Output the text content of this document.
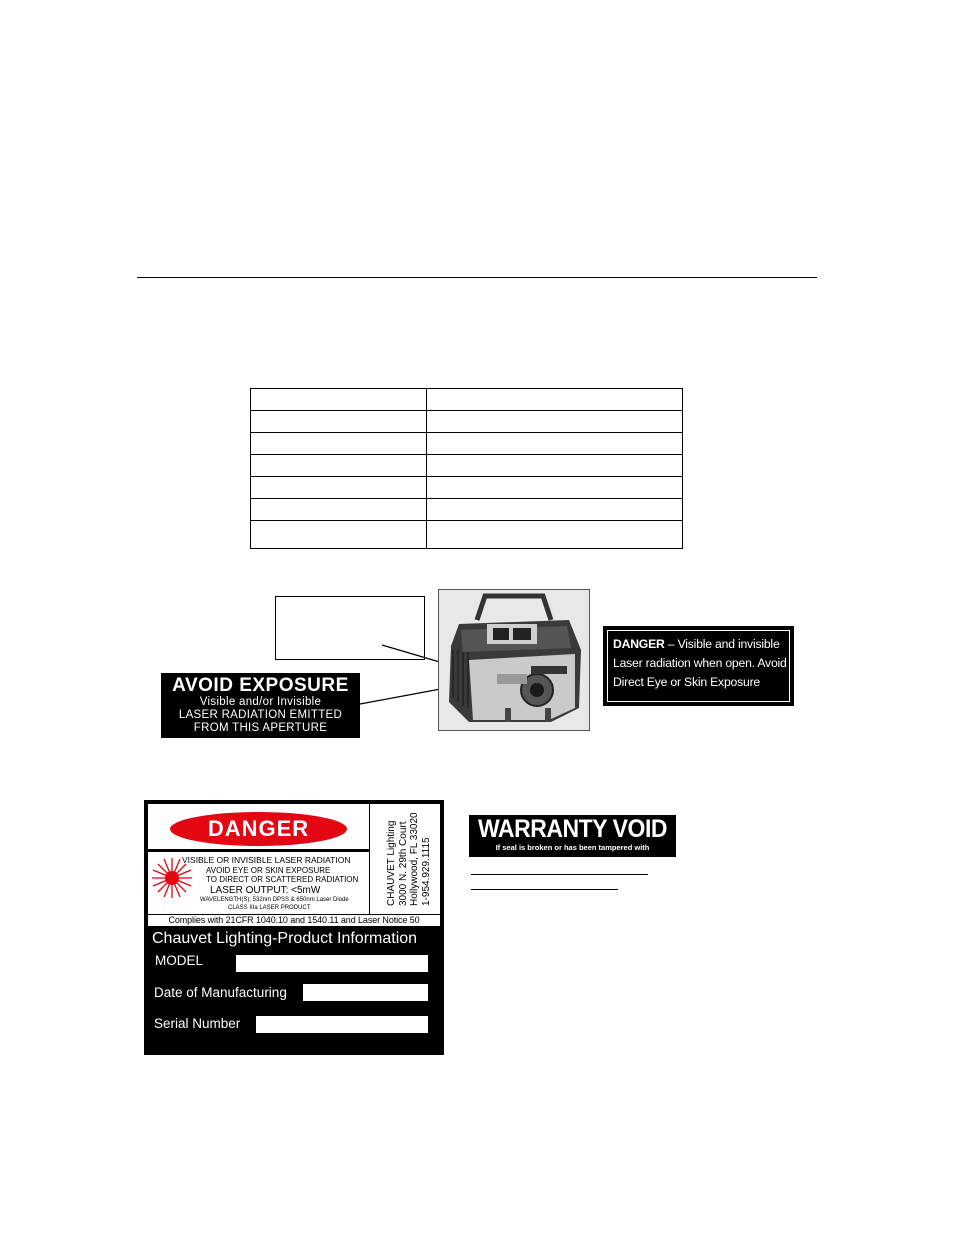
AVOID EXPOSURE
Visible and/or Invisible
LASER RADIATION EMITTED
FROM THIS APERTURE
DANGER – Visible and invisible Laser radiation when open. Avoid Direct Eye or Skin Exposure
DANGER
VISIBLE OR INVISIBLE LASER RADIATION
AVOID EYE OR SKIN EXPOSURE
TO DIRECT OR SCATTERED RADIATION
LASER OUTPUT: <5mW
WAVELENGTH(S): 532nm DPSS & 650nm Laser Diode
CLASS IIIa LASER PRODUCT
CHAUVET Lighting 3000 N. 29th Court Hollywood, FL 33020 1-954.929.1115
Complies with 21CFR 1040.10 and 1540.11 and Laser Notice 50
Chauvet Lighting-Product Information
MODEL
Date of Manufacturing
Serial Number
WARRANTY VOID
If seal is broken or has been tampered with
